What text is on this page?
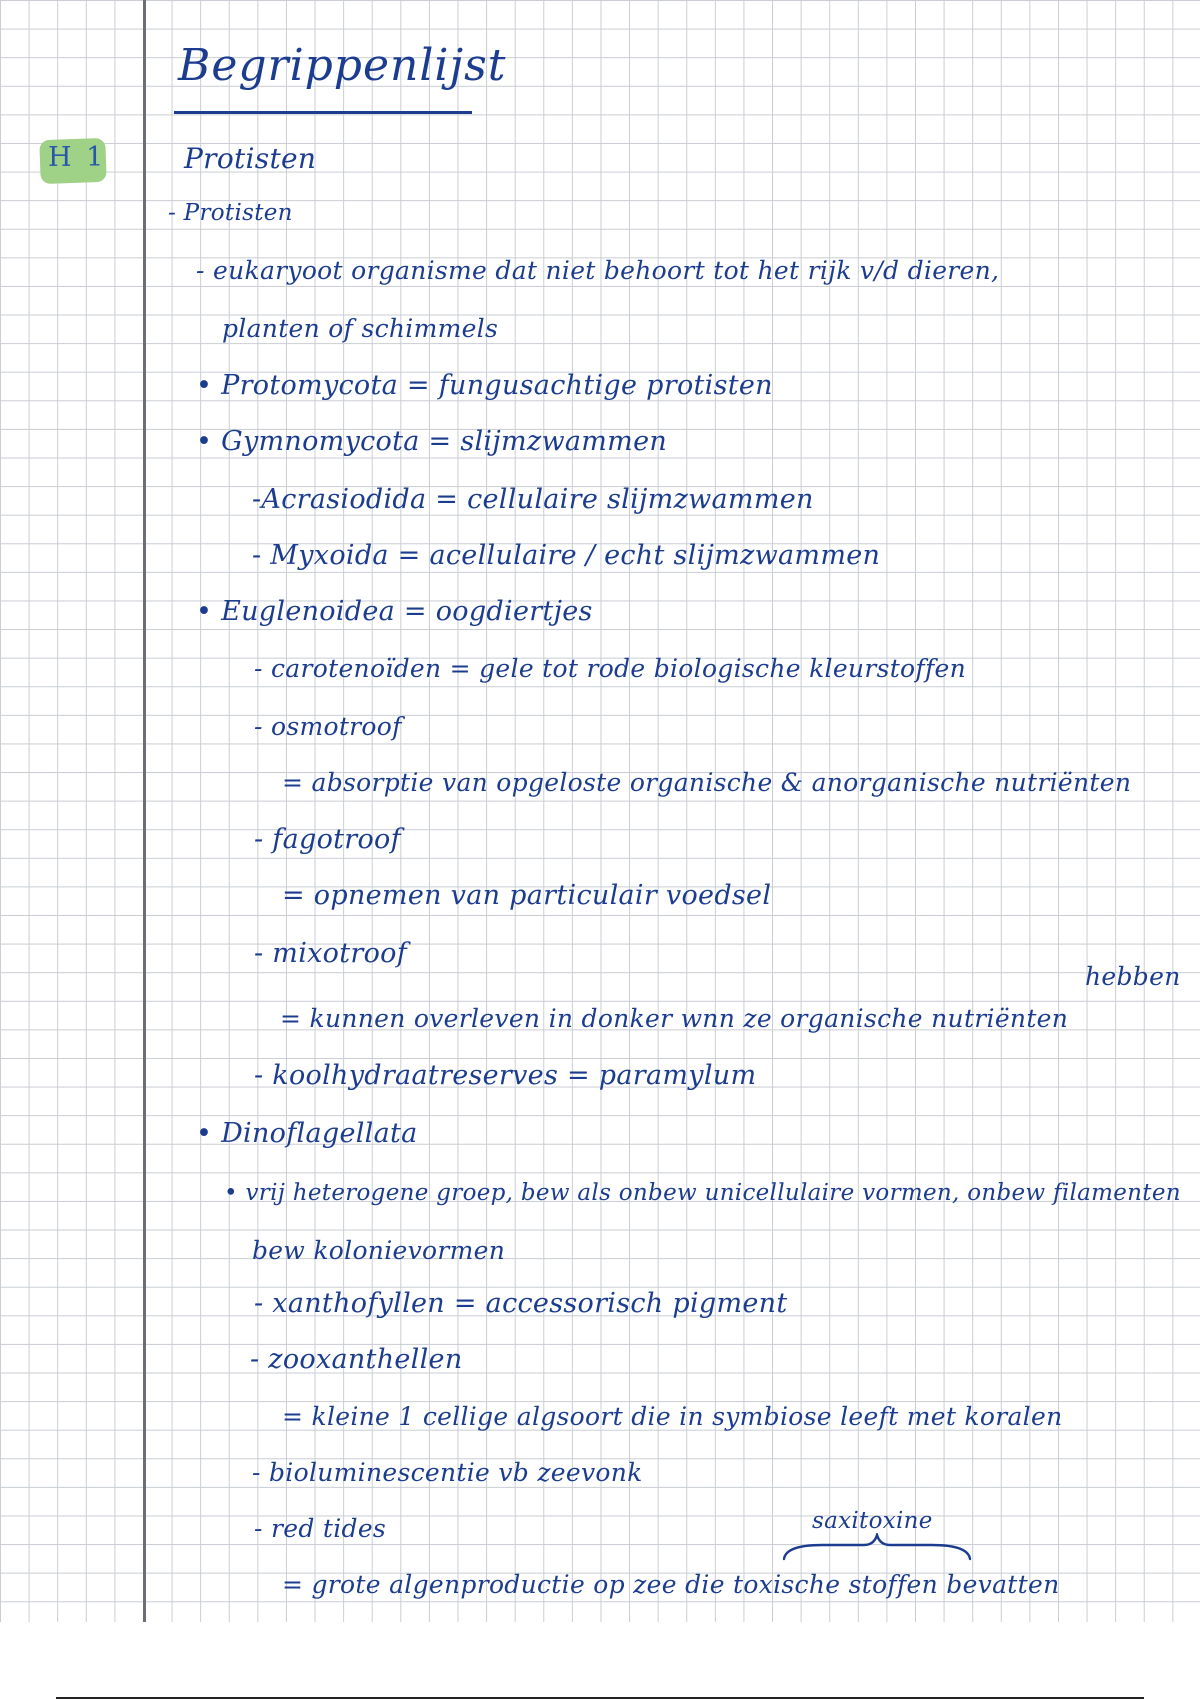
H 1
Begrippenlijst
Protisten
- Protisten
- eukaryoot organisme dat niet behoort tot het rijk v/d dieren,
planten of schimmels
• Protomycota = fungusachtige protisten
• Gymnomycota = slijmzwammen
-Acrasiodida = cellulaire slijmzwammen
- Myxoida = acellulaire / echt slijmzwammen
• Euglenoidea = oogdiertjes
- carotenoïden = gele tot rode biologische kleurstoffen
- osmotroof
= absorptie van opgeloste organische & anorganische nutriënten
- fagotroof
= opnemen van particulair voedsel
- mixotroof
hebben
= kunnen overleven in donker wnn ze organische nutriënten
- koolhydraatreserves = paramylum
• Dinoflagellata
• vrij heterogene groep, bew als onbew unicellulaire vormen, onbew filamenten
bew kolonievormen
- xanthofyllen = accessorisch pigment
- zooxanthellen
= kleine 1 cellige algsoort die in symbiose leeft met koralen
- bioluminescentie vb zeevonk
- red tides	saxitoxine
= grote algenproductie op zee die toxische stoffen bevatten
